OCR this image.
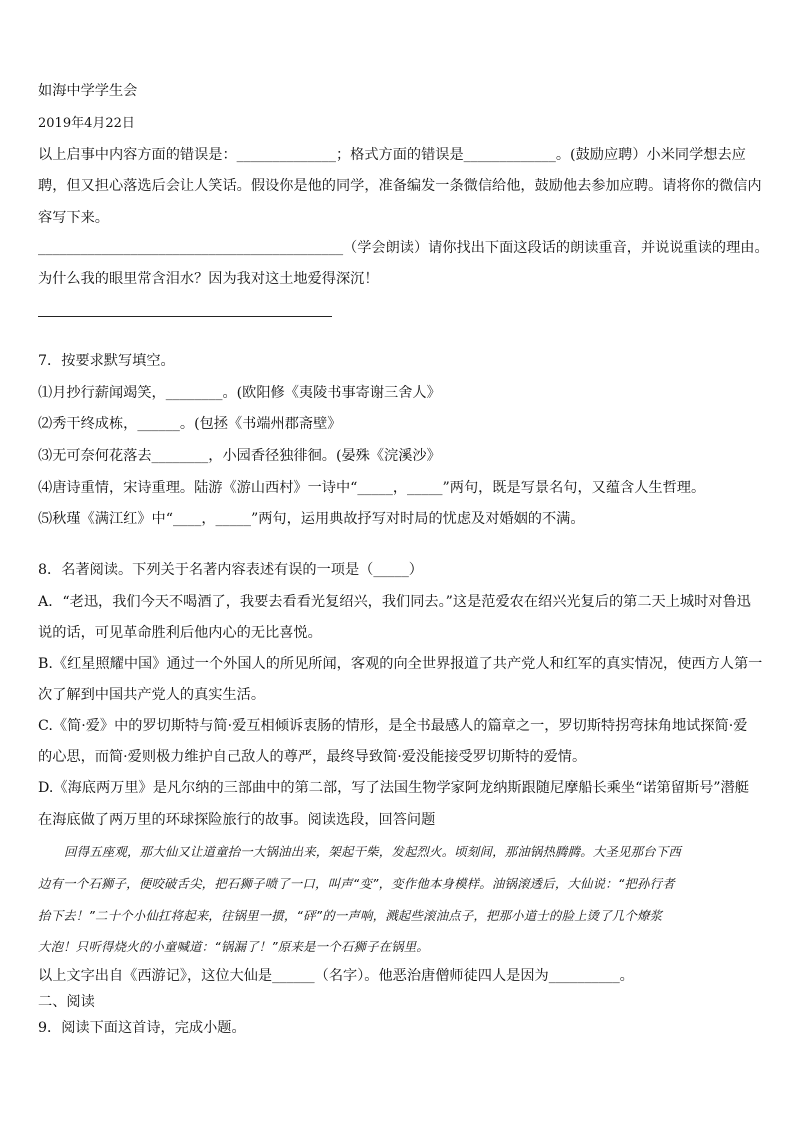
如海中学学生会
2019年4月22日
以上启事中内容方面的错误是：______________；格式方面的错误是_____________。(鼓励应聘）小米同学想去应
聘，但又担心落选后会让人笑话。假设你是他的同学，准备编发一条微信给他，鼓励他去参加应聘。请将你的微信内
容写下来。
___________________________________________（学会朗读）请你找出下面这段话的朗读重音，并说说重读的理由。
为什么我的眼里常含泪水？因为我对这土地爱得深沉！
7．按要求默写填空。
⑴月抄行薪闻竭笑，________。(欧阳修《夷陵书事寄谢三舍人》
⑵秀干终成栋，______。(包拯《书端州郡斋壁》
⑶无可奈何花落去________，小园香径独徘徊。(晏殊《浣溪沙》
⑷唐诗重情，宋诗重理。陆游《游山西村》一诗中“_____，_____”两句，既是写景名句，又蕴含人生哲理。
⑸秋瑾《满江红》中“____，_____”两句，运用典故抒写对时局的忧虑及对婚姻的不满。
8．名著阅读。下列关于名著内容表述有误的一项是（_____）
A．“老迅，我们今天不喝酒了，我要去看看光复绍兴，我们同去。”这是范爱农在绍兴光复后的第二天上城时对鲁迅
说的话，可见革命胜利后他内心的无比喜悦。
B.《红星照耀中国》通过一个外国人的所见所闻，客观的向全世界报道了共产党人和红军的真实情况，使西方人第一
次了解到中国共产党人的真实生活。
C.《简·爱》中的罗切斯特与简·爱互相倾诉衷肠的情形，是全书最感人的篇章之一，罗切斯特拐弯抹角地试探简·爱
的心思，而简·爱则极力维护自己敌人的尊严，最终导致简·爱没能接受罗切斯特的爱情。
D.《海底两万里》是凡尔纳的三部曲中的第二部，写了法国生物学家阿龙纳斯跟随尼摩船长乘坐“诺第留斯号”潜艇
在海底做了两万里的环球探险旅行的故事。阅读选段，回答问题
回得五座观，那大仙又让道童抬一大锅油出来，架起干柴，发起烈火。顷刻间，那油锅热腾腾。大圣见那台下西
边有一个石狮子，便咬破舌尖，把石狮子喷了一口，叫声“变”，变作他本身模样。油锅滚透后，大仙说：“把孙行者
抬下去！”二十个小仙扛将起来，往锅里一掼，“砰”的一声响，溅起些滚油点子，把那小道士的脸上烫了几个燎浆
大泡！只听得烧火的小童喊道：“锅漏了！”原来是一个石狮子在锅里。
以上文字出自《西游记》，这位大仙是______（名字）。他恶治唐僧师徒四人是因为__________。
二、阅读
9．阅读下面这首诗，完成小题。
